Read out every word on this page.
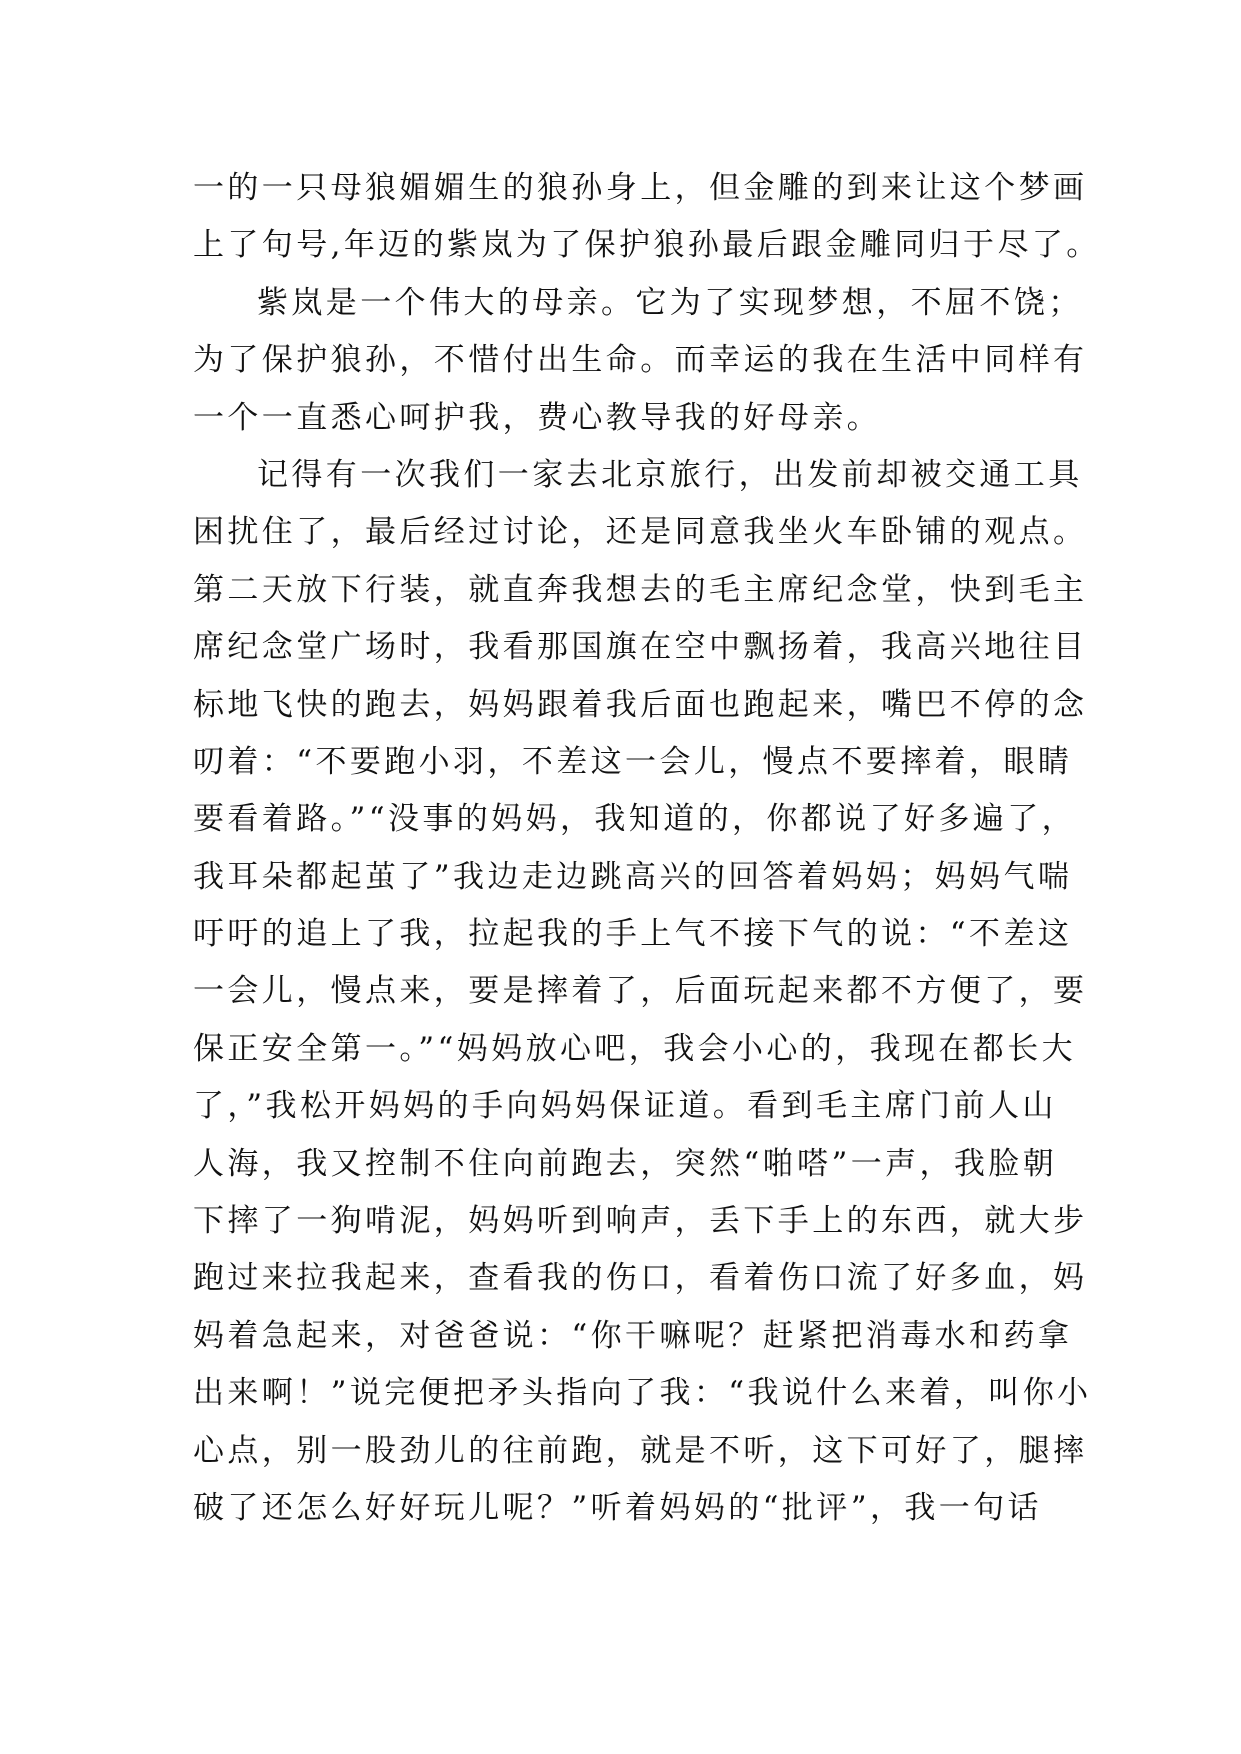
一的一只母狼媚媚生的狼孙身上，但金雕的到来让这个梦画
上了句号,年迈的紫岚为了保护狼孙最后跟金雕同归于尽了。
紫岚是一个伟大的母亲。它为了实现梦想，不屈不饶；
为了保护狼孙，不惜付出生命。而幸运的我在生活中同样有
一个一直悉心呵护我，费心教导我的好母亲。
记得有一次我们一家去北京旅行，出发前却被交通工具
困扰住了，最后经过讨论，还是同意我坐火车卧铺的观点。
第二天放下行装，就直奔我想去的毛主席纪念堂，快到毛主
席纪念堂广场时，我看那国旗在空中飘扬着，我高兴地往目
标地飞快的跑去，妈妈跟着我后面也跑起来，嘴巴不停的念
叨着：“不要跑小羽，不差这一会儿，慢点不要摔着，眼睛
要看着路。”“没事的妈妈，我知道的，你都说了好多遍了，
我耳朵都起茧了”我边走边跳高兴的回答着妈妈；妈妈气喘
吁吁的追上了我，拉起我的手上气不接下气的说：“不差这
一会儿，慢点来，要是摔着了，后面玩起来都不方便了，要
保正安全第一。”“妈妈放心吧，我会小心的，我现在都长大
了，”我松开妈妈的手向妈妈保证道。看到毛主席门前人山
人海，我又控制不住向前跑去，突然“啪嗒”一声，我脸朝
下摔了一狗啃泥，妈妈听到响声，丢下手上的东西，就大步
跑过来拉我起来，查看我的伤口，看着伤口流了好多血，妈
妈着急起来，对爸爸说：“你干嘛呢？赶紧把消毒水和药拿
出来啊！”说完便把矛头指向了我：“我说什么来着，叫你小
心点，别一股劲儿的往前跑，就是不听，这下可好了，腿摔
破了还怎么好好玩儿呢？”听着妈妈的“批评”，我一句话
